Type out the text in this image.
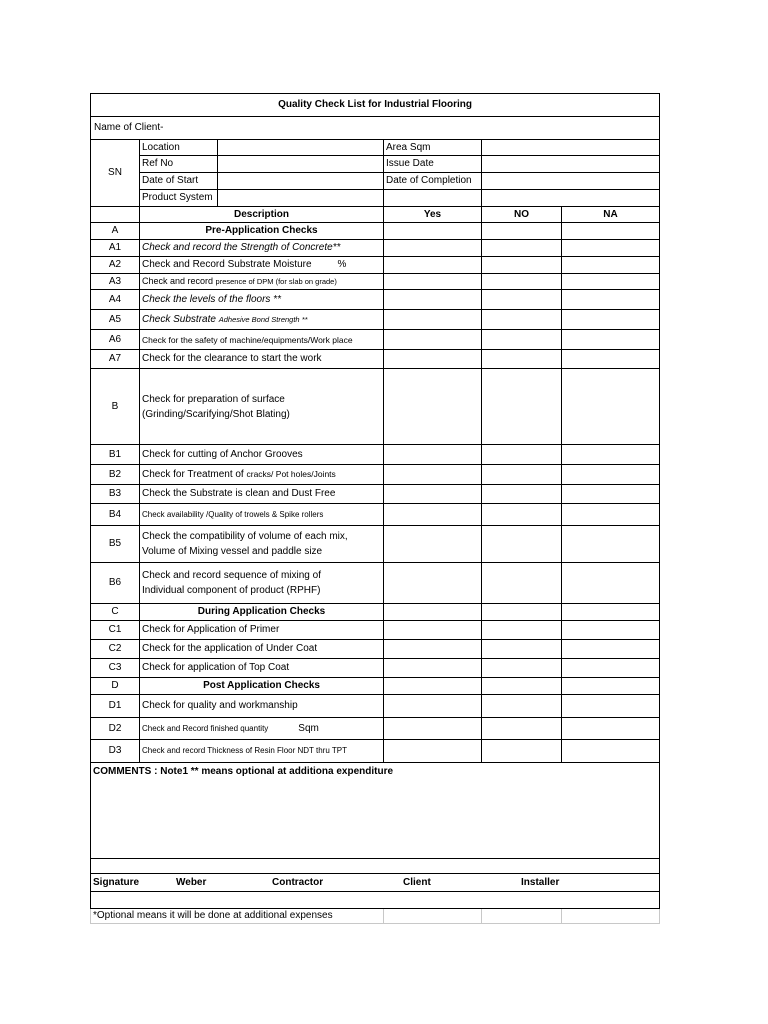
Quality Check List for Industrial Flooring					
Name of Client-					
SN	Location		Area Sqm		
	Ref No		Issue Date		
	Date of Start		Date of Completion		
	Product System				
	Description		Yes	NO	NA
A	Pre-Application Checks				
A1	Check and record the Strength of Concrete**				
A2	Check and Record Substrate Moisture %				
A3	Check and record presence of DPM (for slab on grade)				
A4	Check the levels of the floors **				
A5	Check Substrate Adhesive Bond Strength **				
A6	Check for the safety of machine/equipments/Work place				
A7	Check for the clearance to start the work				
B	Check for preparation of surface
(Grinding/Scarifying/Shot Blating)				
B1	Check for cutting of Anchor Grooves				
B2	Check for Treatment of cracks/ Pot holes/Joints				
B3	Check the Substrate is clean and Dust Free				
B4	Check availability /Quality of trowels & Spike rollers				
B5	Check the compatibility of volume of each mix,
Volume of Mixing vessel and paddle size				
B6	Check and record sequence of mixing of
Individual component of product (RPHF)				
C	During Application Checks				
C1	Check for Application of Primer				
C2	Check for the application of Under Coat				
C3	Check for application of Top Coat				
D	Post Application Checks				
D1	Check for quality and workmanship				
D2	Check and Record finished quantity Sqm				
D3	Check and record Thickness of Resin Floor NDT thru TPT				
COMMENTS : Note1 ** means optional at additiona expenditure					

Signature Weber Contractor Client Installer					

*Optional means it will be done at additional expenses					
